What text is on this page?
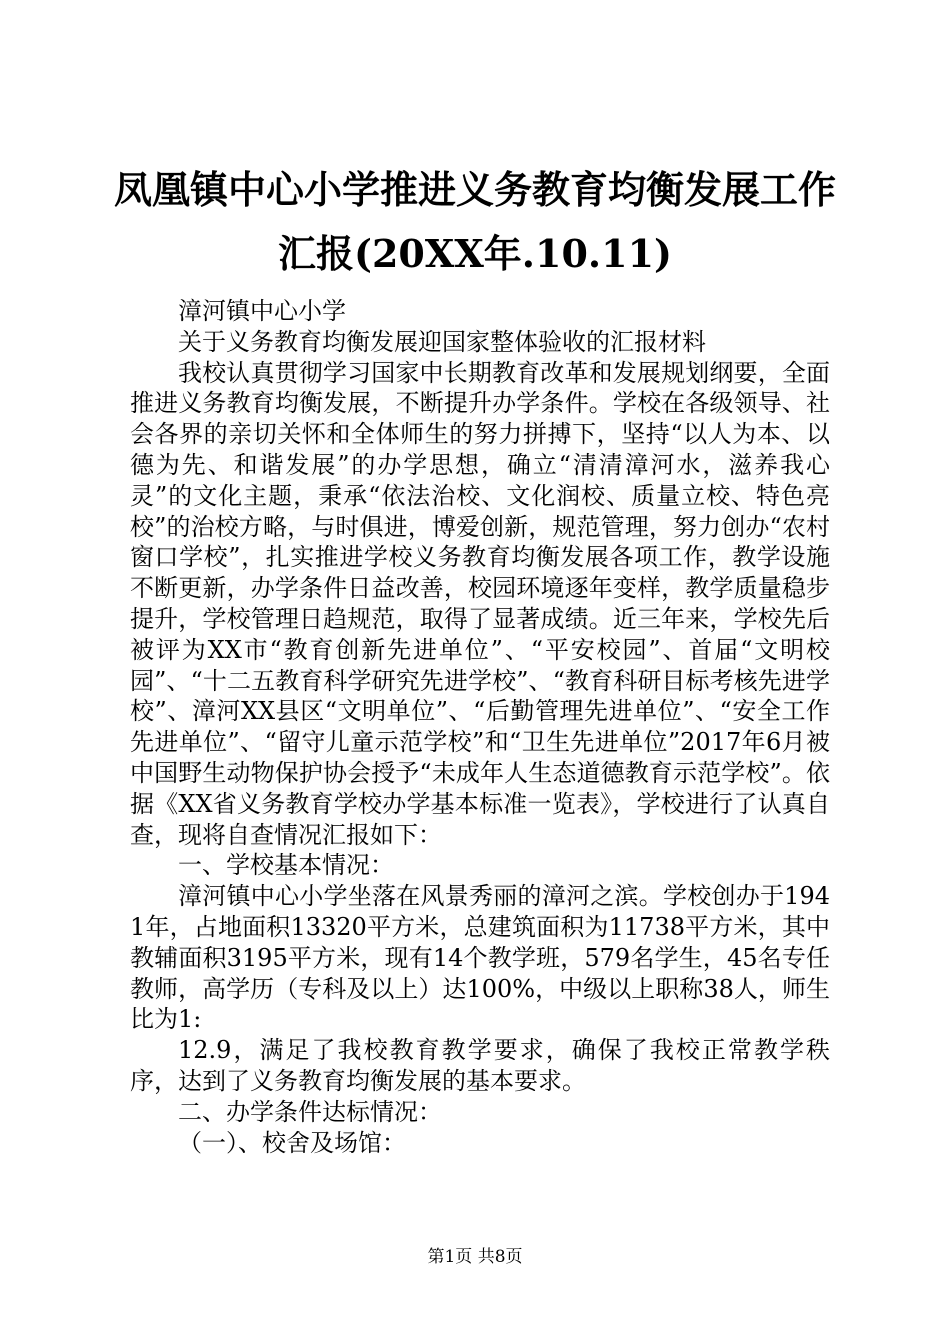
凤凰镇中心小学推进义务教育均衡发展工作汇报(20XX年.10.11)

漳河镇中心小学

关于义务教育均衡发展迎国家整体验收的汇报材料

我校认真贯彻学习国家中长期教育改革和发展规划纲要，全面推进义务教育均衡发展，不断提升办学条件。学校在各级领导、社会各界的亲切关怀和全体师生的努力拼搏下，坚持“以人为本、以德为先、和谐发展”的办学思想，确立“清清漳河水，滋养我心灵”的文化主题，秉承“依法治校、文化润校、质量立校、特色亮校”的治校方略，与时俱进，博爱创新，规范管理，努力创办“农村窗口学校”，扎实推进学校义务教育均衡发展各项工作，教学设施不断更新，办学条件日益改善，校园环境逐年变样，教学质量稳步提升，学校管理日趋规范，取得了显著成绩。近三年来，学校先后被评为XX市“教育创新先进单位”、“平安校园”、首届“文明校园”、“十二五教育科学研究先进学校”、“教育科研目标考核先进学校”、漳河XX县区“文明单位”、“后勤管理先进单位”、“安全工作先进单位”、“留守儿童示范学校”和“卫生先进单位”2017年6月被中国野生动物保护协会授予“未成年人生态道德教育示范学校”。依据《XX省义务教育学校办学基本标准一览表》，学校进行了认真自查，现将自查情况汇报如下：

一、学校基本情况：

漳河镇中心小学坐落在风景秀丽的漳河之滨。学校创办于1941年，占地面积13320平方米，总建筑面积为11738平方米，其中教辅面积3195平方米，现有14个教学班，579名学生，45名专任教师，高学历（专科及以上）达100%，中级以上职称38人，师生比为1:

12.9，满足了我校教育教学要求，确保了我校正常教学秩序，达到了义务教育均衡发展的基本要求。

二、办学条件达标情况：

（一）、校舍及场馆：

第1页 共8页
